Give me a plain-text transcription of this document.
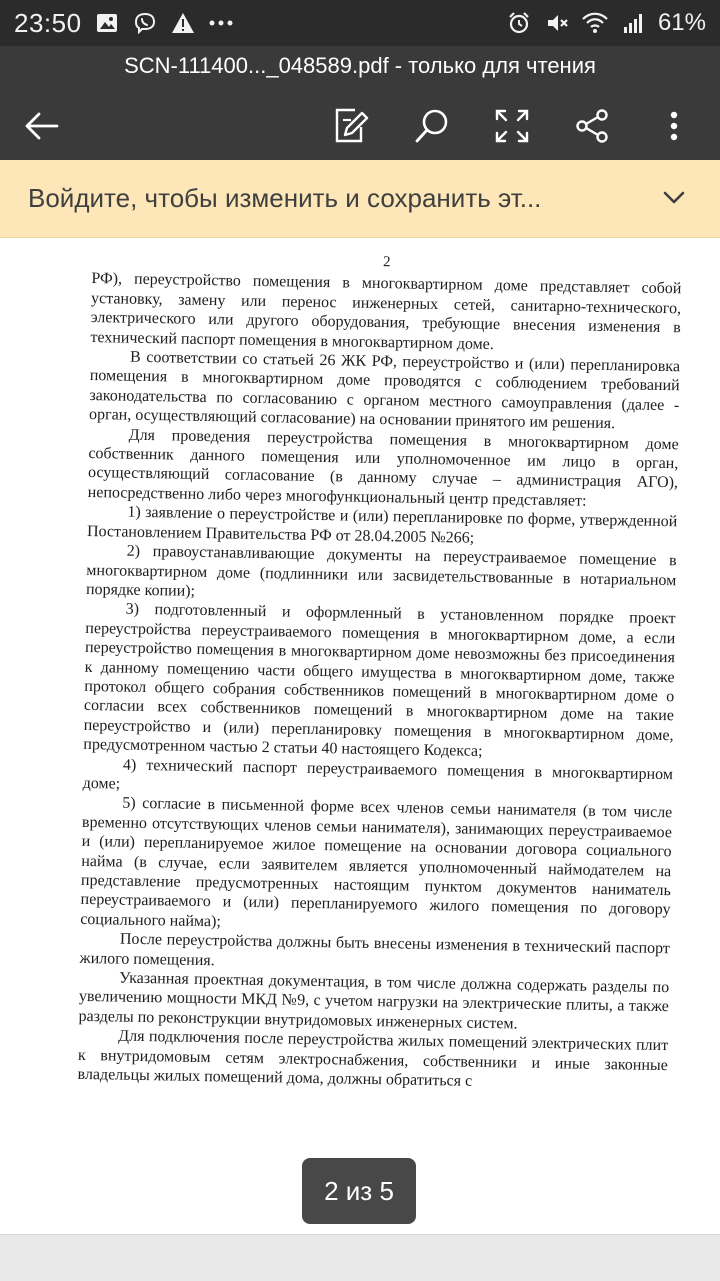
23:50	61%
SCN-111400..._048589.pdf - только для чтения
Войдите, чтобы изменить и сохранить эт...
2

РФ), переустройство помещения в многоквартирном доме представляет собой установку, замену или перенос инженерных сетей, санитарно-технического, электрического или другого оборудования, требующие внесения изменения в технический паспорт помещения в многоквартирном доме.

В соответствии со статьей 26 ЖК РФ, переустройство и (или) перепланировка помещения в многоквартирном доме проводятся с соблюдением требований законодательства по согласованию с органом местного самоуправления (далее - орган, осуществляющий согласование) на основании принятого им решения.

Для проведения переустройства помещения в многоквартирном доме собственник данного помещения или уполномоченное им лицо в орган, осуществляющий согласование (в данному случае – администрация АГО), непосредственно либо через многофункциональный центр представляет:

1) заявление о переустройстве и (или) перепланировке по форме, утвержденной Постановлением Правительства РФ от 28.04.2005 №266;

2) правоустанавливающие документы на переустраиваемое помещение в многоквартирном доме (подлинники или засвидетельствованные в нотариальном порядке копии);

3) подготовленный и оформленный в установленном порядке проект переустройства переустраиваемого помещения в многоквартирном доме, а если переустройство помещения в многоквартирном доме невозможны без присоединения к данному помещению части общего имущества в многоквартирном доме, также протокол общего собрания собственников помещений в многоквартирном доме о согласии всех собственников помещений в многоквартирном доме на такие переустройство и (или) перепланировку помещения в многоквартирном доме, предусмотренном частью 2 статьи 40 настоящего Кодекса;

4) технический паспорт переустраиваемого помещения в многоквартирном доме;

5) согласие в письменной форме всех членов семьи нанимателя (в том числе временно отсутствующих членов семьи нанимателя), занимающих переустраиваемое и (или) перепланируемое жилое помещение на основании договора социального найма (в случае, если заявителем является уполномоченный наймодателем на представление предусмотренных настоящим пунктом документов наниматель переустраиваемого и (или) перепланируемого жилого помещения по договору социального найма);

После переустройства должны быть внесены изменения в технический паспорт жилого помещения.

Указанная проектная документация, в том числе должна содержать разделы по увеличению мощности МКД №9, с учетом нагрузки на электрические плиты, а также разделы по реконструкции внутридомовых инженерных систем.

Для подключения после переустройства жилых помещений электрических плит к внутридомовым сетям электроснабжения, собственники и иные законные владельцы жилых помещений дома, должны обратиться с

2 из 5
